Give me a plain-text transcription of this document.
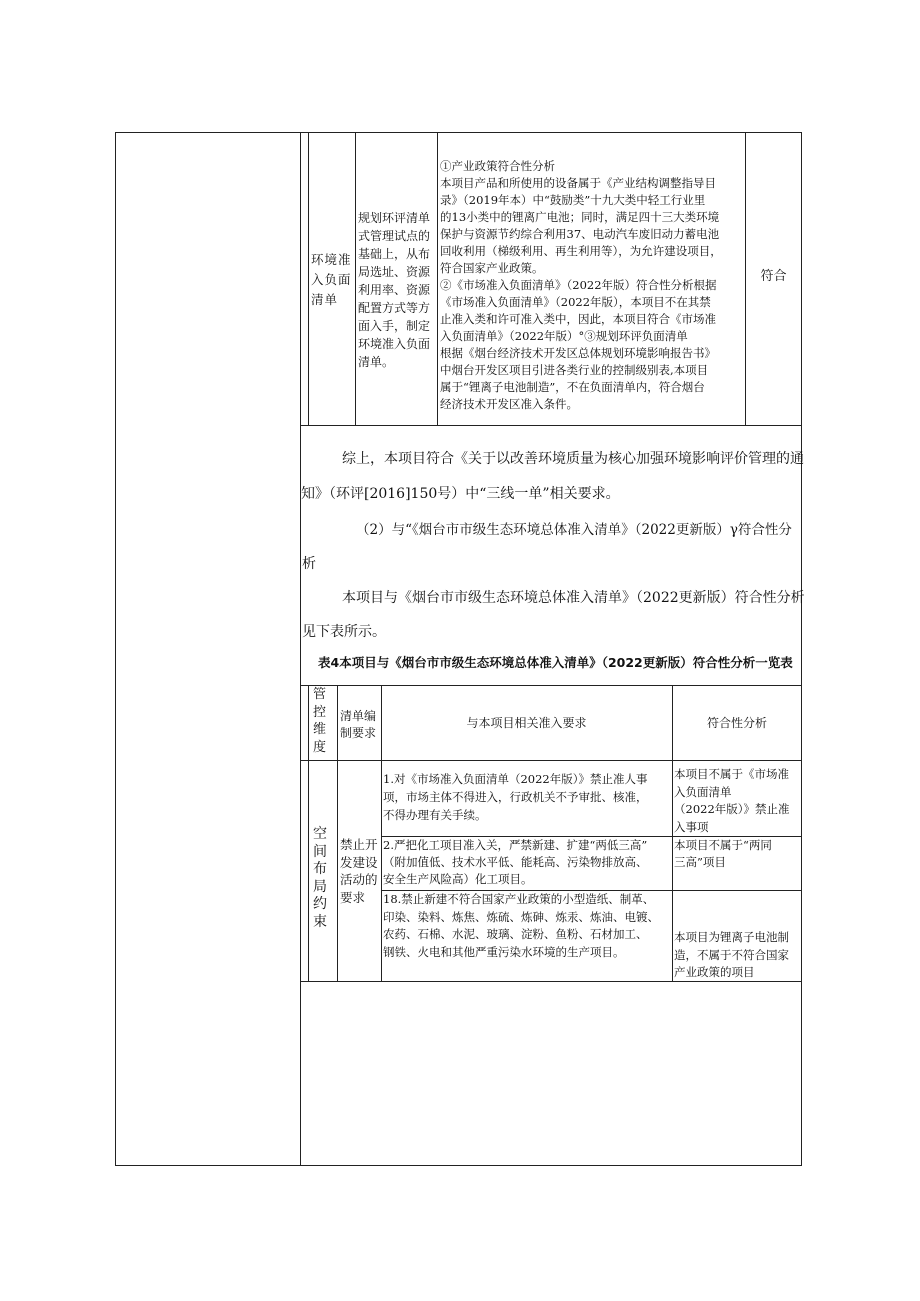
环境准入负面清单
规划环评清单式管理试点的基础上，从布局选址、资源利用率、资源配置方式等方面入手，制定环境准入负面清单。
①产业政策符合性分析
本项目产品和所使用的设备属于《产业结构调整指导目
录》（2019年本）中“鼓励类”十九大类中轻工行业里
的13小类中的锂离广电池；同时，满足四十三大类环境
保护与资源节约综合利用37、电动汽车废旧动力蓄电池
回收利用（梯级利用、再生利用等），为允许建设项目，
符合国家产业政策。
②《市场准入负面清单》（2022年版）符合性分析根据
《市场准入负面清单》（2022年版），本项目不在其禁
止准入类和许可准入类中，因此，本项目符合《市场准
入负面清单》（2022年版）°③规划环评负面清单
根据《烟台经济技术开发区总体规划环境影响报告书》
中烟台开发区项目引进各类行业的控制级别表,本项目
属于“锂离子电池制造”，不在负面清单内，符合烟台
经济技术开发区准入条件。
符合
综上，本项目符合《关于以改善环境质量为核心加强环境影响评价管理的通
知》（环评[2016]150号）中“三线一单”相关要求。
（2）与“《烟台市市级生态环境总体准入清单》（2022更新版）γ符合性分
析
本项目与《烟台市市级生态环境总体准入清单》（2022更新版）符合性分析
见下表所示。
表4本项目与《烟台市市级生态环境总体准入清单》（2022更新版）符合性分析一览表
管控维度
清单编制要求
与本项目相关准入要求	符合性分析
空间布局约束
禁止开发建设活动的要求
1.对《市场准入负面清单（2022年版）》禁止准人事
项，市场主体不得进入，行政机关不予审批、核准，
不得办理有关手续。
本项目不属于《市场准
入负面清单
（2022年版）》禁止准
入事项
2.严把化工项目准入关，严禁新建、扩建“两低三高”
（附加值低、技术水平低、能耗高、污染物排放高、
安全生产风险高）化工项目。
本项目不属于“两同
三高”项目
18.禁止新建不符合国家产业政策的小型造纸、制革、
印染、染料、炼焦、炼硫、炼砷、炼汞、炼油、电镀、
农药、石棉、水泥、玻璃、淀粉、鱼粉、石材加工、
钢铁、火电和其他严重污染水环境的生产项目。
本项目为锂离子电池制
造，不属于不符合国家
产业政策的项目
